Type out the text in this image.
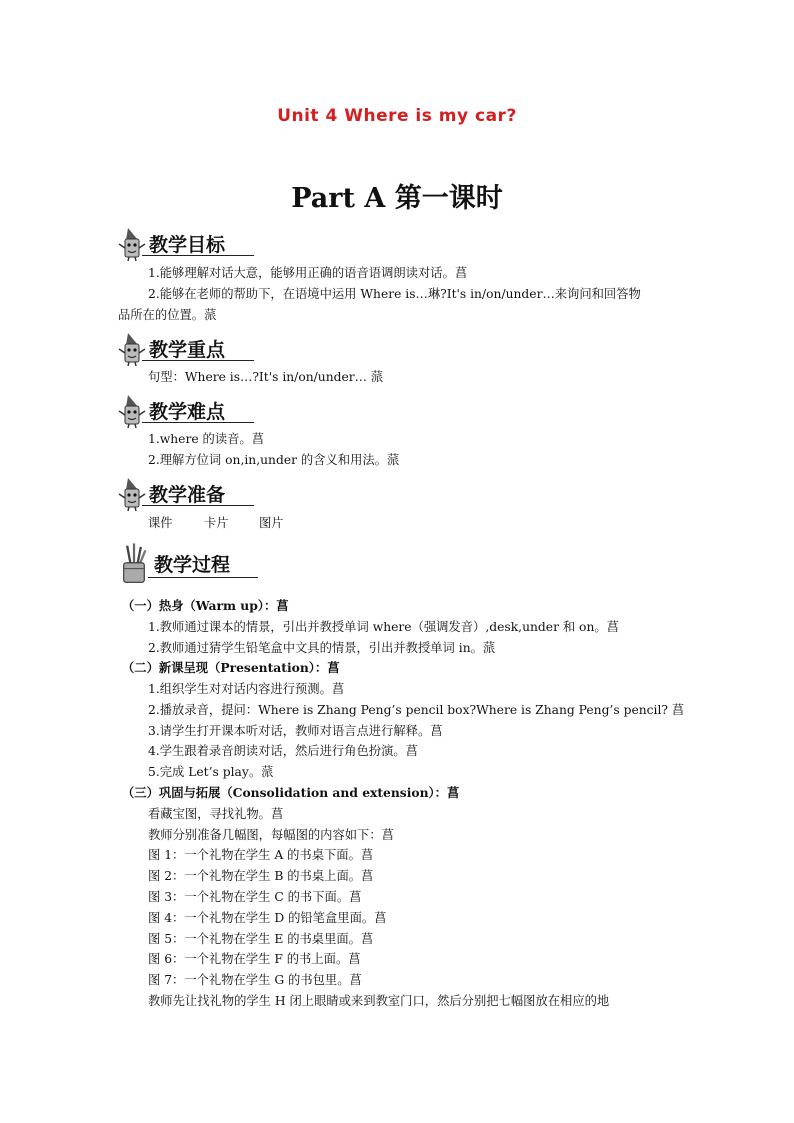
Unit 4 Where is my car?
Part A 第一课时
教学目标
1.能够理解对话大意，能够用正确的语音语调朗读对话。菖
2.能够在老师的帮助下，在语境中运用 Where is…琳?It's in/on/under…来询问和回答物
品所在的位置。蒎
教学重点
句型：Where is…?It's in/on/under… 蒎
教学难点
1.where 的读音。菖
2.理解方位词 on,in,under 的含义和用法。蒎
教学准备
课件	卡片 图片
教学过程
（一）热身（Warm up）：菖
1.教师通过课本的情景，引出并教授单词 where（强调发音）,desk,under 和 on。菖
2.教师通过猜学生铅笔盒中文具的情景，引出并教授单词 in。蒎
（二）新课呈现（Presentation）：菖
1.组织学生对对话内容进行预测。菖
2.播放录音，提问：Where is Zhang Peng’s pencil box?Where is Zhang Peng’s pencil? 菖
3.请学生打开课本听对话，教师对语言点进行解释。菖
4.学生跟着录音朗读对话，然后进行角色扮演。菖
5.完成 Let’s play。蒎
（三）巩固与拓展（Consolidation and extension）：菖
看藏宝图，寻找礼物。菖
教师分别准备几幅图，每幅图的内容如下：菖
图 1：一个礼物在学生 A 的书桌下面。菖
图 2：一个礼物在学生 B 的书桌上面。菖
图 3：一个礼物在学生 C 的书下面。菖
图 4：一个礼物在学生 D 的铅笔盒里面。菖
图 5：一个礼物在学生 E 的书桌里面。菖
图 6：一个礼物在学生 F 的书上面。菖
图 7：一个礼物在学生 G 的书包里。菖
教师先让找礼物的学生 H 闭上眼睛或来到教室门口，然后分别把七幅图放在相应的地
